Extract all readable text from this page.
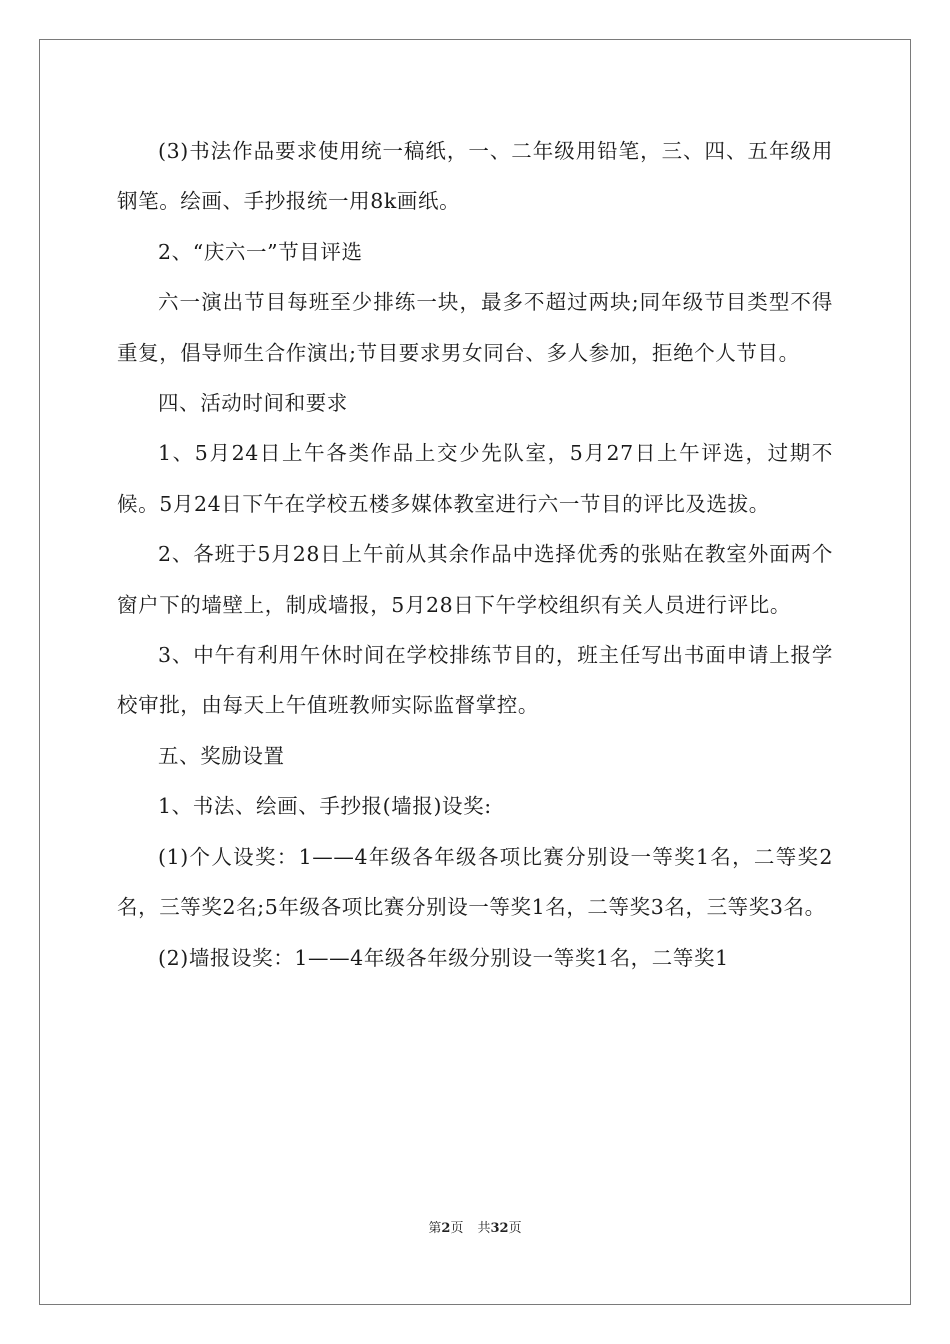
(3)书法作品要求使用统一稿纸，一、二年级用铅笔，三、四、五年级用钢笔。绘画、手抄报统一用8k画纸。

2、“庆六一”节目评选

六一演出节目每班至少排练一块，最多不超过两块;同年级节目类型不得重复，倡导师生合作演出;节目要求男女同台、多人参加，拒绝个人节目。

四、活动时间和要求

1、5月24日上午各类作品上交少先队室，5月27日上午评选，过期不候。5月24日下午在学校五楼多媒体教室进行六一节目的评比及选拔。

2、各班于5月28日上午前从其余作品中选择优秀的张贴在教室外面两个窗户下的墙壁上，制成墙报，5月28日下午学校组织有关人员进行评比。

3、中午有利用午休时间在学校排练节目的，班主任写出书面申请上报学校审批，由每天上午值班教师实际监督掌控。

五、奖励设置

1、书法、绘画、手抄报(墙报)设奖:

(1)个人设奖：1——4年级各年级各项比赛分别设一等奖1名，二等奖2名，三等奖2名;5年级各项比赛分别设一等奖1名，二等奖3名，三等奖3名。

(2)墙报设奖：1——4年级各年级分别设一等奖1名，二等奖1

第2页 共32页
